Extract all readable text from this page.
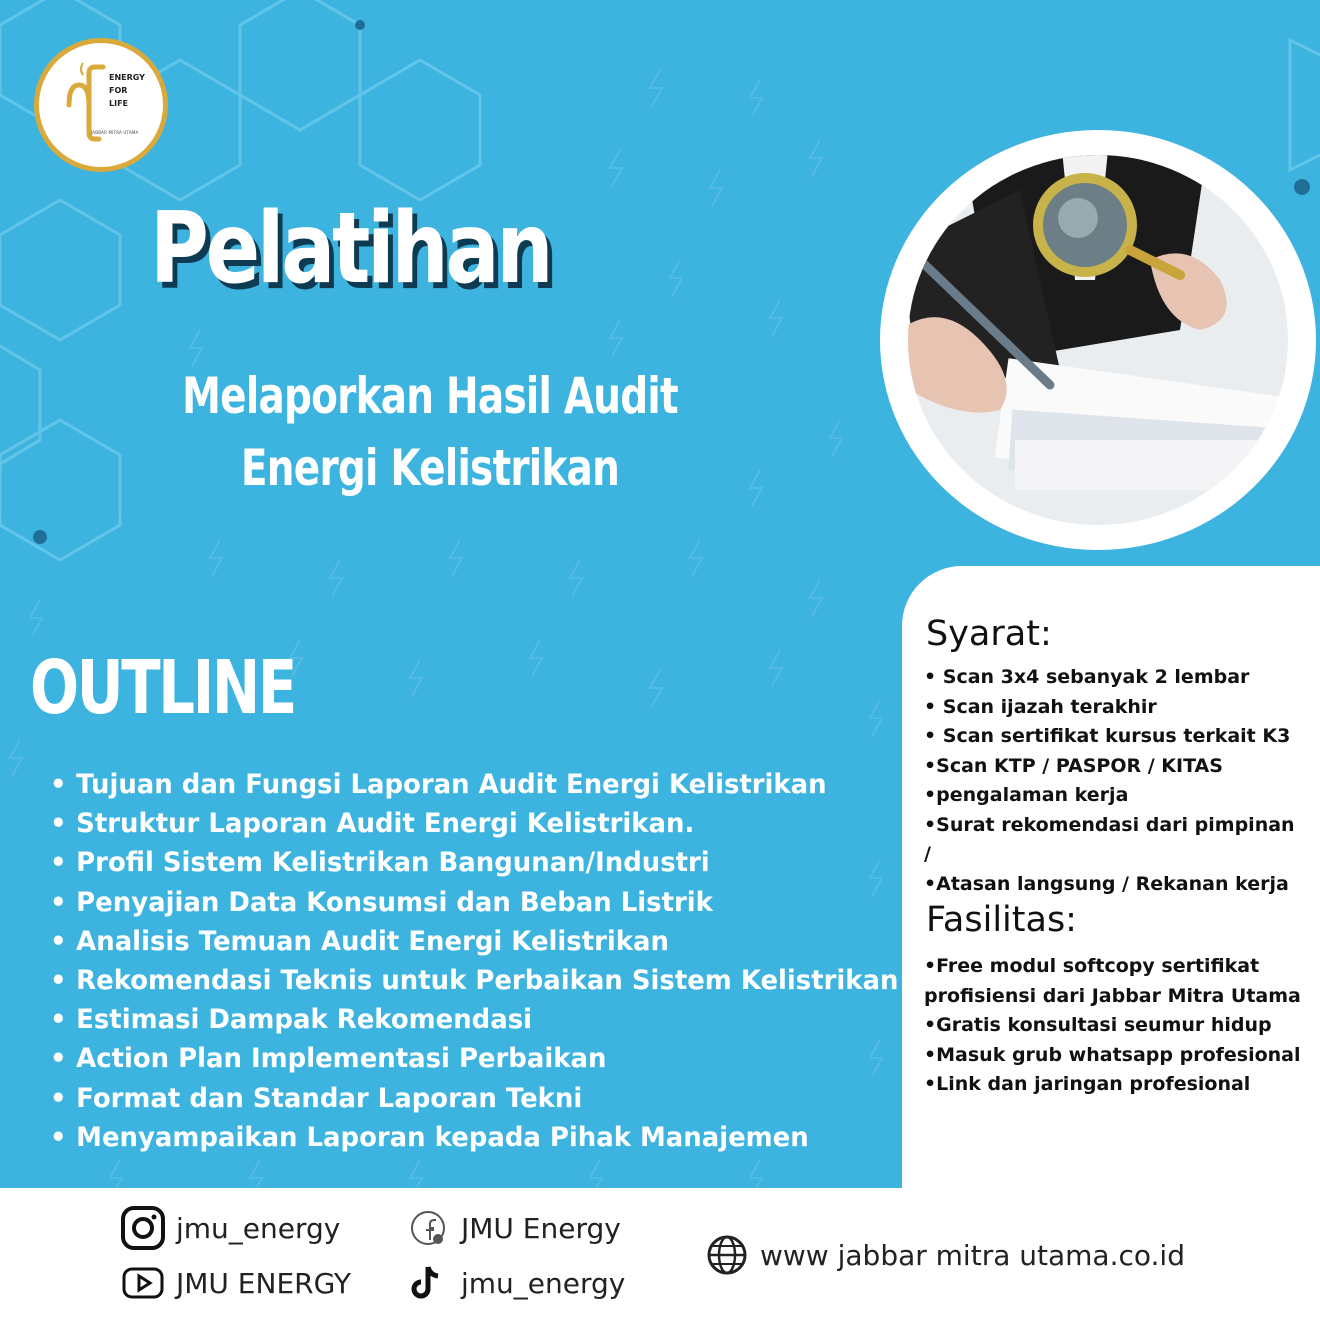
ENERGY
FOR
LIFE
JABBAR MITRA UTAMA
Pelatihan
Melaporkan Hasil Audit Energi Kelistrikan
OUTLINE
• Tujuan dan Fungsi Laporan Audit Energi Kelistrikan
• Struktur Laporan Audit Energi Kelistrikan.
• Profil Sistem Kelistrikan Bangunan/Industri
• Penyajian Data Konsumsi dan Beban Listrik
• Analisis Temuan Audit Energi Kelistrikan
• Rekomendasi Teknis untuk Perbaikan Sistem Kelistrikan
• Estimasi Dampak Rekomendasi
• Action Plan Implementasi Perbaikan
• Format dan Standar Laporan Tekni
• Menyampaikan Laporan kepada Pihak Manajemen
Syarat:
• Scan 3x4 sebanyak 2 lembar
• Scan ijazah terakhir
• Scan sertifikat kursus terkait K3
•Scan KTP / PASPOR / KITAS
•pengalaman kerja
•Surat rekomendasi dari pimpinan /
•Atasan langsung / Rekanan kerja
Fasilitas:
•Free modul softcopy sertifikat profisiensi dari Jabbar Mitra Utama
•Gratis konsultasi seumur hidup
•Masuk grub whatsapp profesional
•Link dan jaringan profesional
jmu_energy	JMU Energy
JMU ENERGY	jmu_energy
www jabbar mitra utama.co.id
